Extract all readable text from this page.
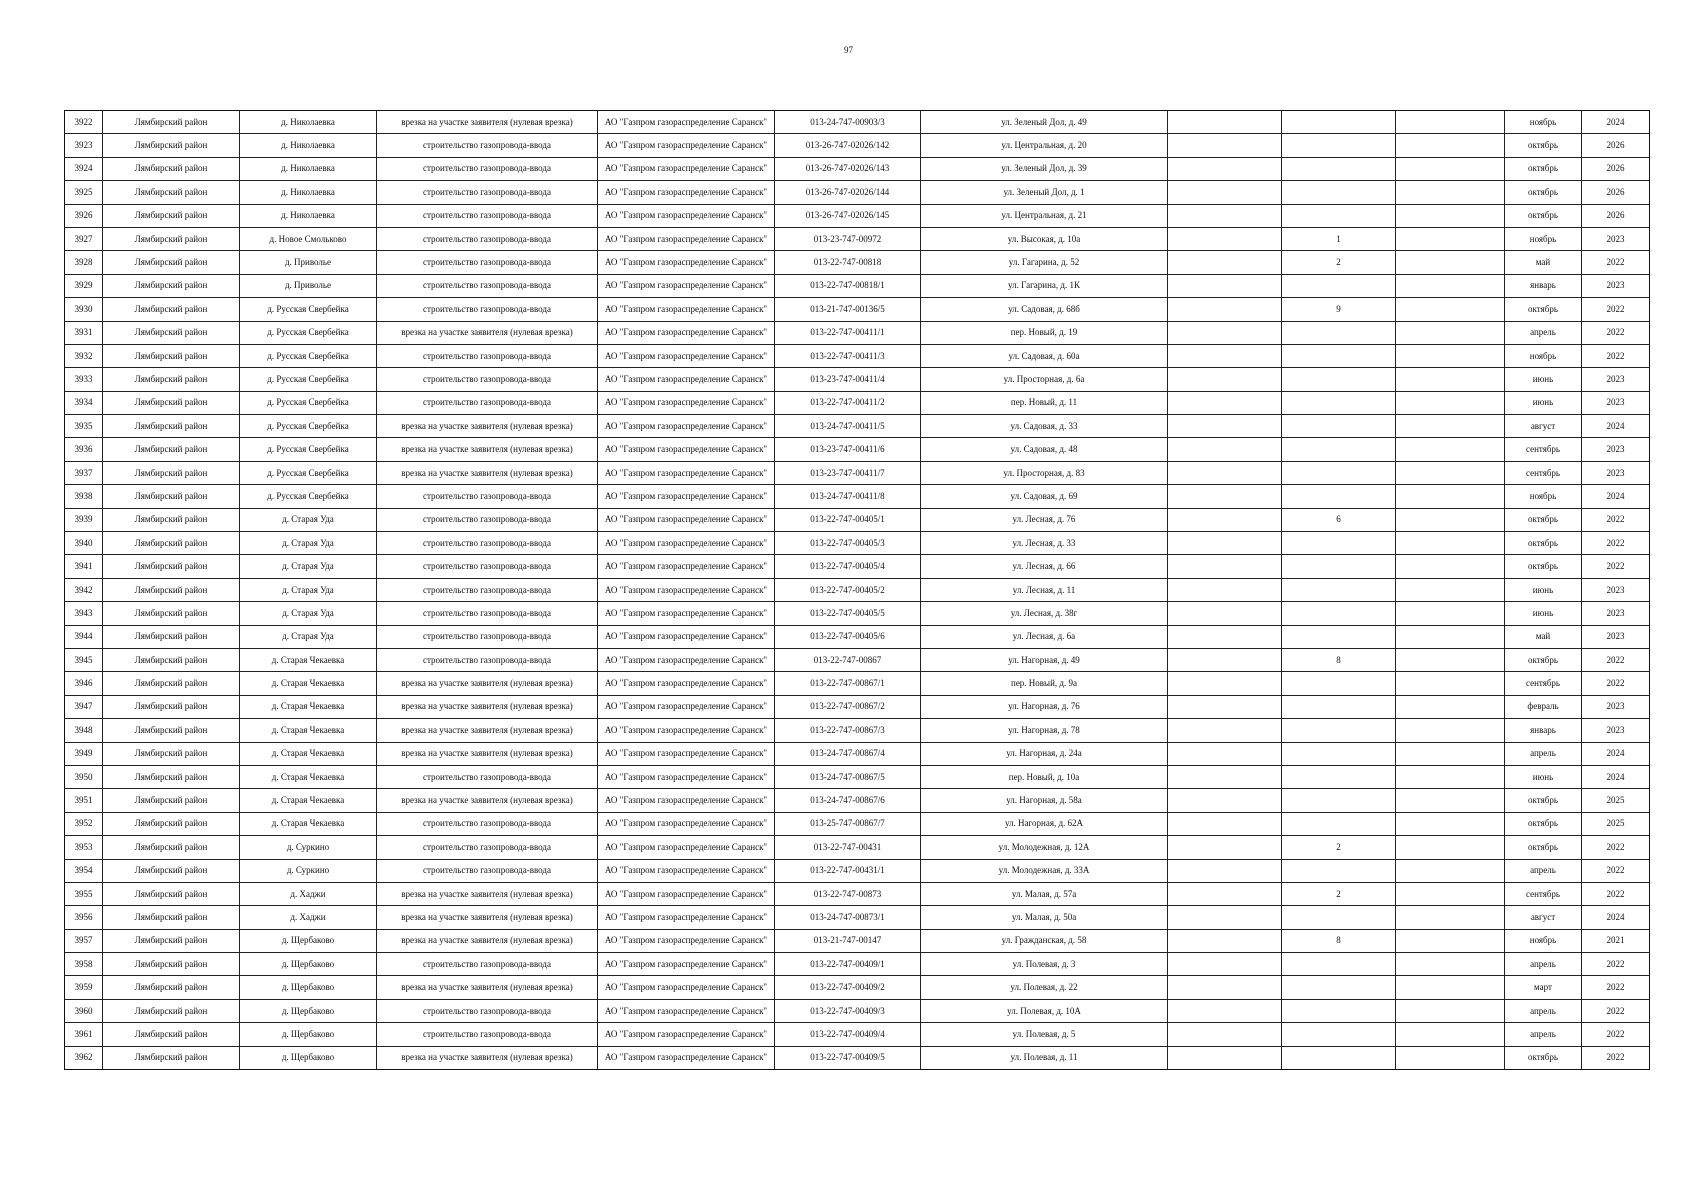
97
3922	Лямбирский район	д. Николаевка	врезка на участке заявителя (нулевая врезка)	АО "Газпром газораспределение Саранск"	013-24-747-00903/3	ул. Зеленый Дол, д. 49				ноябрь	2024
3923	Лямбирский район	д. Николаевка	строительство газопровода-ввода	АО "Газпром газораспределение Саранск"	013-26-747-02026/142	ул. Центральная, д. 20				октябрь	2026
3924	Лямбирский район	д. Николаевка	строительство газопровода-ввода	АО "Газпром газораспределение Саранск"	013-26-747-02026/143	ул. Зеленый Дол, д. 39				октябрь	2026
3925	Лямбирский район	д. Николаевка	строительство газопровода-ввода	АО "Газпром газораспределение Саранск"	013-26-747-02026/144	ул. Зеленый Дол, д. 1				октябрь	2026
3926	Лямбирский район	д. Николаевка	строительство газопровода-ввода	АО "Газпром газораспределение Саранск"	013-26-747-02026/145	ул. Центральная, д. 21				октябрь	2026
3927	Лямбирский район	д. Новое Смольково	строительство газопровода-ввода	АО "Газпром газораспределение Саранск"	013-23-747-00972	ул. Высокая, д. 10а		1		ноябрь	2023
3928	Лямбирский район	д. Приволье	строительство газопровода-ввода	АО "Газпром газораспределение Саранск"	013-22-747-00818	ул. Гагарина, д. 52		2		май	2022
3929	Лямбирский район	д. Приволье	строительство газопровода-ввода	АО "Газпром газораспределение Саранск"	013-22-747-00818/1	ул. Гагарина, д. 1К				январь	2023
3930	Лямбирский район	д. Русская Свербейка	строительство газопровода-ввода	АО "Газпром газораспределение Саранск"	013-21-747-00136/5	ул. Садовая, д. 68б		9		октябрь	2022
3931	Лямбирский район	д. Русская Свербейка	врезка на участке заявителя (нулевая врезка)	АО "Газпром газораспределение Саранск"	013-22-747-00411/1	пер. Новый, д. 19				апрель	2022
3932	Лямбирский район	д. Русская Свербейка	строительство газопровода-ввода	АО "Газпром газораспределение Саранск"	013-22-747-00411/3	ул. Садовая, д. 60а				ноябрь	2022
3933	Лямбирский район	д. Русская Свербейка	строительство газопровода-ввода	АО "Газпром газораспределение Саранск"	013-23-747-00411/4	ул. Просторная, д. 6а				июнь	2023
3934	Лямбирский район	д. Русская Свербейка	строительство газопровода-ввода	АО "Газпром газораспределение Саранск"	013-22-747-00411/2	пер. Новый, д. 11				июнь	2023
3935	Лямбирский район	д. Русская Свербейка	врезка на участке заявителя (нулевая врезка)	АО "Газпром газораспределение Саранск"	013-24-747-00411/5	ул. Садовая, д. 33				август	2024
3936	Лямбирский район	д. Русская Свербейка	врезка на участке заявителя (нулевая врезка)	АО "Газпром газораспределение Саранск"	013-23-747-00411/6	ул. Садовая, д. 48				сентябрь	2023
3937	Лямбирский район	д. Русская Свербейка	врезка на участке заявителя (нулевая врезка)	АО "Газпром газораспределение Саранск"	013-23-747-00411/7	ул. Просторная, д. 83				сентябрь	2023
3938	Лямбирский район	д. Русская Свербейка	строительство газопровода-ввода	АО "Газпром газораспределение Саранск"	013-24-747-00411/8	ул. Садовая, д. 69				ноябрь	2024
3939	Лямбирский район	д. Старая Уда	строительство газопровода-ввода	АО "Газпром газораспределение Саранск"	013-22-747-00405/1	ул. Лесная, д. 76		6		октябрь	2022
3940	Лямбирский район	д. Старая Уда	строительство газопровода-ввода	АО "Газпром газораспределение Саранск"	013-22-747-00405/3	ул. Лесная, д. 33				октябрь	2022
3941	Лямбирский район	д. Старая Уда	строительство газопровода-ввода	АО "Газпром газораспределение Саранск"	013-22-747-00405/4	ул. Лесная, д. 66				октябрь	2022
3942	Лямбирский район	д. Старая Уда	строительство газопровода-ввода	АО "Газпром газораспределение Саранск"	013-22-747-00405/2	ул. Лесная, д. 11				июнь	2023
3943	Лямбирский район	д. Старая Уда	строительство газопровода-ввода	АО "Газпром газораспределение Саранск"	013-22-747-00405/5	ул. Лесная, д. 38г				июнь	2023
3944	Лямбирский район	д. Старая Уда	строительство газопровода-ввода	АО "Газпром газораспределение Саранск"	013-22-747-00405/6	ул. Лесная, д. 6а				май	2023
3945	Лямбирский район	д. Старая Чекаевка	строительство газопровода-ввода	АО "Газпром газораспределение Саранск"	013-22-747-00867	ул. Нагорная, д. 49		8		октябрь	2022
3946	Лямбирский район	д. Старая Чекаевка	врезка на участке заявителя (нулевая врезка)	АО "Газпром газораспределение Саранск"	013-22-747-00867/1	пер. Новый, д. 9а				сентябрь	2022
3947	Лямбирский район	д. Старая Чекаевка	врезка на участке заявителя (нулевая врезка)	АО "Газпром газораспределение Саранск"	013-22-747-00867/2	ул. Нагорная, д. 76				февраль	2023
3948	Лямбирский район	д. Старая Чекаевка	врезка на участке заявителя (нулевая врезка)	АО "Газпром газораспределение Саранск"	013-22-747-00867/3	ул. Нагорная, д. 78				январь	2023
3949	Лямбирский район	д. Старая Чекаевка	врезка на участке заявителя (нулевая врезка)	АО "Газпром газораспределение Саранск"	013-24-747-00867/4	ул. Нагорная, д. 24а				апрель	2024
3950	Лямбирский район	д. Старая Чекаевка	строительство газопровода-ввода	АО "Газпром газораспределение Саранск"	013-24-747-00867/5	пер. Новый, д. 10а				июнь	2024
3951	Лямбирский район	д. Старая Чекаевка	врезка на участке заявителя (нулевая врезка)	АО "Газпром газораспределение Саранск"	013-24-747-00867/6	ул. Нагорная, д. 58а				октябрь	2025
3952	Лямбирский район	д. Старая Чекаевка	строительство газопровода-ввода	АО "Газпром газораспределение Саранск"	013-25-747-00867/7	ул. Нагорная, д. 62А				октябрь	2025
3953	Лямбирский район	д. Суркино	строительство газопровода-ввода	АО "Газпром газораспределение Саранск"	013-22-747-00431	ул. Молодежная, д. 12А		2		октябрь	2022
3954	Лямбирский район	д. Суркино	строительство газопровода-ввода	АО "Газпром газораспределение Саранск"	013-22-747-00431/1	ул. Молодежная, д. 33А				апрель	2022
3955	Лямбирский район	д. Хаджи	врезка на участке заявителя (нулевая врезка)	АО "Газпром газораспределение Саранск"	013-22-747-00873	ул. Малая, д. 57а		2		сентябрь	2022
3956	Лямбирский район	д. Хаджи	врезка на участке заявителя (нулевая врезка)	АО "Газпром газораспределение Саранск"	013-24-747-00873/1	ул. Малая, д. 50а				август	2024
3957	Лямбирский район	д. Щербаково	врезка на участке заявителя (нулевая врезка)	АО "Газпром газораспределение Саранск"	013-21-747-00147	ул. Гражданская, д. 58		8		ноябрь	2021
3958	Лямбирский район	д. Щербаково	строительство газопровода-ввода	АО "Газпром газораспределение Саранск"	013-22-747-00409/1	ул. Полевая, д. 3				апрель	2022
3959	Лямбирский район	д. Щербаково	врезка на участке заявителя (нулевая врезка)	АО "Газпром газораспределение Саранск"	013-22-747-00409/2	ул. Полевая, д. 22				март	2022
3960	Лямбирский район	д. Щербаково	строительство газопровода-ввода	АО "Газпром газораспределение Саранск"	013-22-747-00409/3	ул. Полевая, д. 10А				апрель	2022
3961	Лямбирский район	д. Щербаково	строительство газопровода-ввода	АО "Газпром газораспределение Саранск"	013-22-747-00409/4	ул. Полевая, д. 5				апрель	2022
3962	Лямбирский район	д. Щербаково	врезка на участке заявителя (нулевая врезка)	АО "Газпром газораспределение Саранск"	013-22-747-00409/5	ул. Полевая, д. 11				октябрь	2022
